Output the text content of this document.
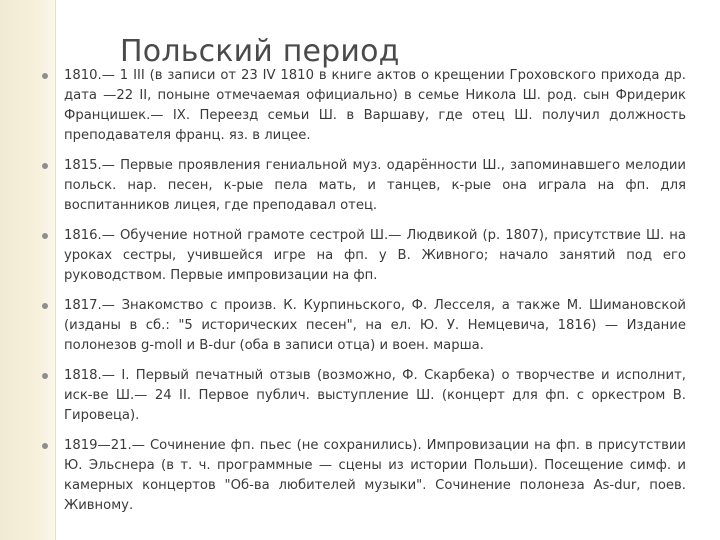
Польский период
1810.— 1 III (в записи от 23 IV 1810 в книге актов о крещении Гроховского прихода др. дата —22 II, поныне отмечаемая официально) в семье Никола Ш. род. сын Фридерик Францишек.— IX. Переезд семьи Ш. в Варшаву, где отец Ш. получил должность преподавателя франц. яз. в лицее.
1815.— Первые проявления гениальной муз. одарённости Ш., запоминавшего мелодии польск. нар. песен, к-рые пела мать, и танцев, к-рые она играла на фп. для воспитанников лицея, где преподавал отец.
1816.— Обучение нотной грамоте сестрой Ш.— Людвикой (р. 1807), присутствие Ш. на уроках сестры, учившейся игре на фп. у В. Живного; начало занятий под его руководством. Первые импровизации на фп.
1817.— Знакомство с произв. К. Курпиньского, Ф. Лесселя, а также М. Шимановской (изданы в сб.: "5 исторических песен", на ел. Ю. У. Немцевича, 1816) — Издание полонезов g-moll и B-dur (оба в записи отца) и воен. марша.
1818.— I. Первый печатный отзыв (возможно, Ф. Скарбека) о творчестве и исполнит, иск-ве Ш.— 24 II. Первое публич. выступление Ш. (концерт для фп. с оркестром В. Гировеца).
1819—21.— Сочинение фп. пьес (не сохранились). Импровизации на фп. в присутствии Ю. Эльснера (в т. ч. программные — сцены из истории Польши). Посещение симф. и камерных концертов "Об-ва любителей музыки". Сочинение полонеза As-dur, поев. Живному.
